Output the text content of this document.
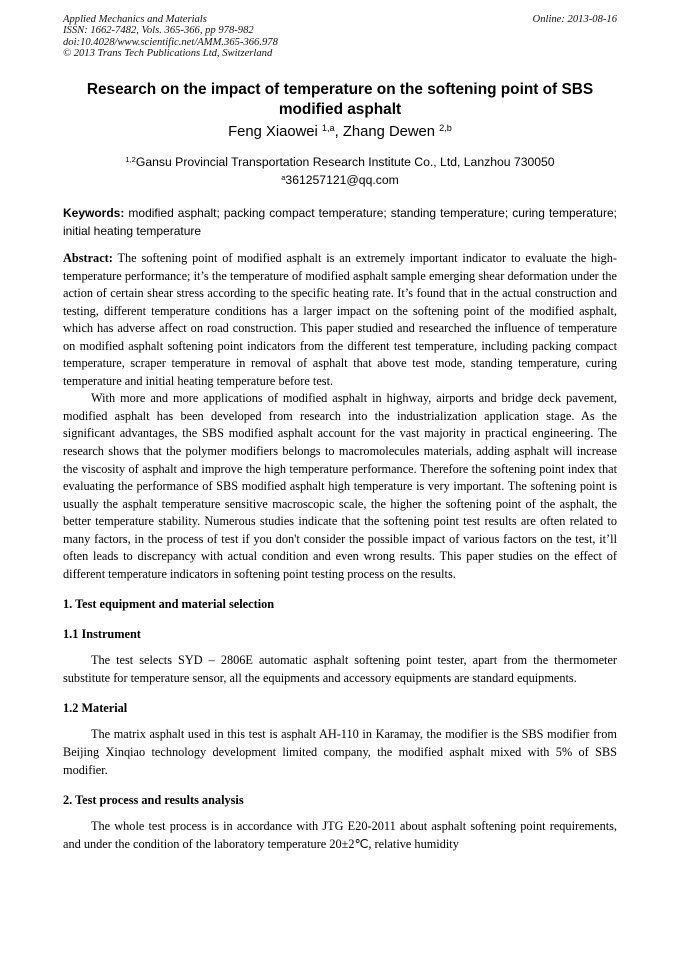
Applied Mechanics and Materials
ISSN: 1662-7482, Vols. 365-366, pp 978-982
doi:10.4028/www.scientific.net/AMM.365-366.978
© 2013 Trans Tech Publications Ltd, Switzerland
Online: 2013-08-16
Research on the impact of temperature on the softening point of SBS modified asphalt
Feng Xiaowei $^{1,a}$, Zhang Dewen $^{2,b}$
$^{1,2}$Gansu Provincial Transportation Research Institute Co., Ltd, Lanzhou 730050
$^a$361257121@qq.com
Keywords: modified asphalt; packing compact temperature; standing temperature; curing temperature; initial heating temperature

Abstract: The softening point of modified asphalt is an extremely important indicator to evaluate the high-temperature performance; it’s the temperature of modified asphalt sample emerging shear deformation under the action of certain shear stress according to the specific heating rate. It’s found that in the actual construction and testing, different temperature conditions has a larger impact on the softening point of the modified asphalt, which has adverse affect on road construction. This paper studied and researched the influence of temperature on modified asphalt softening point indicators from the different test temperature, including packing compact temperature, scraper temperature in removal of asphalt that above test mode, standing temperature, curing temperature and initial heating temperature before test.

With more and more applications of modified asphalt in highway, airports and bridge deck pavement, modified asphalt has been developed from research into the industrialization application stage. As the significant advantages, the SBS modified asphalt account for the vast majority in practical engineering. The research shows that the polymer modifiers belongs to macromolecules materials, adding asphalt will increase the viscosity of asphalt and improve the high temperature performance. Therefore the softening point index that evaluating the performance of SBS modified asphalt high temperature is very important. The softening point is usually the asphalt temperature sensitive macroscopic scale, the higher the softening point of the asphalt, the better temperature stability. Numerous studies indicate that the softening point test results are often related to many factors, in the process of test if you don't consider the possible impact of various factors on the test, it’ll often leads to discrepancy with actual condition and even wrong results. This paper studies on the effect of different temperature indicators in softening point testing process on the results.

1. Test equipment and material selection
1.1 Instrument

The test selects SYD – 2806E automatic asphalt softening point tester, apart from the thermometer substitute for temperature sensor, all the equipments and accessory equipments are standard equipments.

1.2 Material

The matrix asphalt used in this test is asphalt AH-110 in Karamay, the modifier is the SBS modifier from Beijing Xinqiao technology development limited company, the modified asphalt mixed with 5% of SBS modifier.

2. Test process and results analysis

The whole test process is in accordance with JTG E20-2011 about asphalt softening point requirements, and under the condition of the laboratory temperature 20±2℃, relative humidity
